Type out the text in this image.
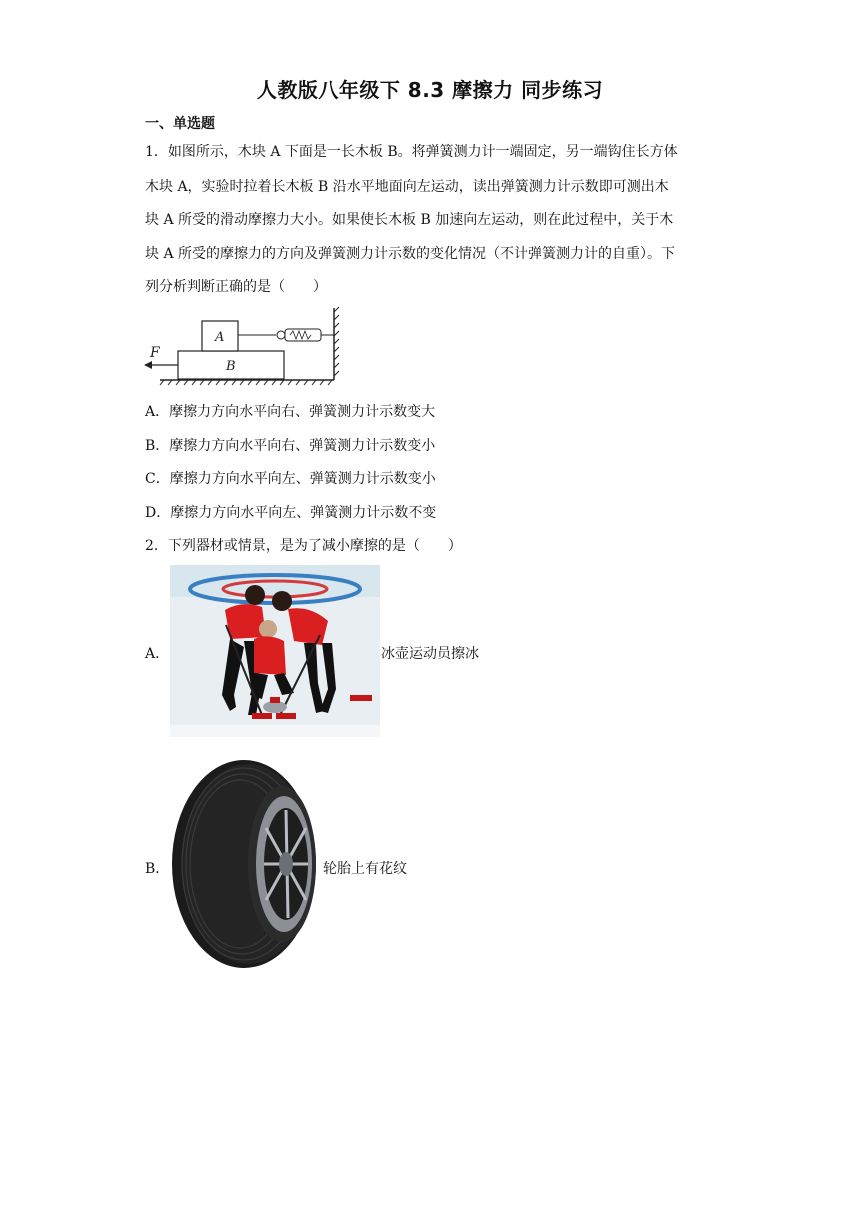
人教版八年级下 8.3 摩擦力 同步练习
一、单选题
1．如图所示，木块 A 下面是一长木板 B。将弹簧测力计一端固定，另一端钩住长方体
木块 A，实验时拉着长木板 B 沿水平地面向左运动，读出弹簧测力计示数即可测出木
块 A 所受的滑动摩擦力大小。如果使长木板 B 加速向左运动，则在此过程中，关于木
块 A 所受的摩擦力的方向及弹簧测力计示数的变化情况（不计弹簧测力计的自重）。下
列分析判断正确的是（　　）
B
A
F
A．摩擦力方向水平向右、弹簧测力计示数变大
B．摩擦力方向水平向右、弹簧测力计示数变小
C．摩擦力方向水平向左、弹簧测力计示数变小
D．摩擦力方向水平向左、弹簧测力计示数不变
2．下列器材或情景，是为了减小摩擦的是（　　）
A．	冰壶运动员擦冰
B．	轮胎上有花纹
